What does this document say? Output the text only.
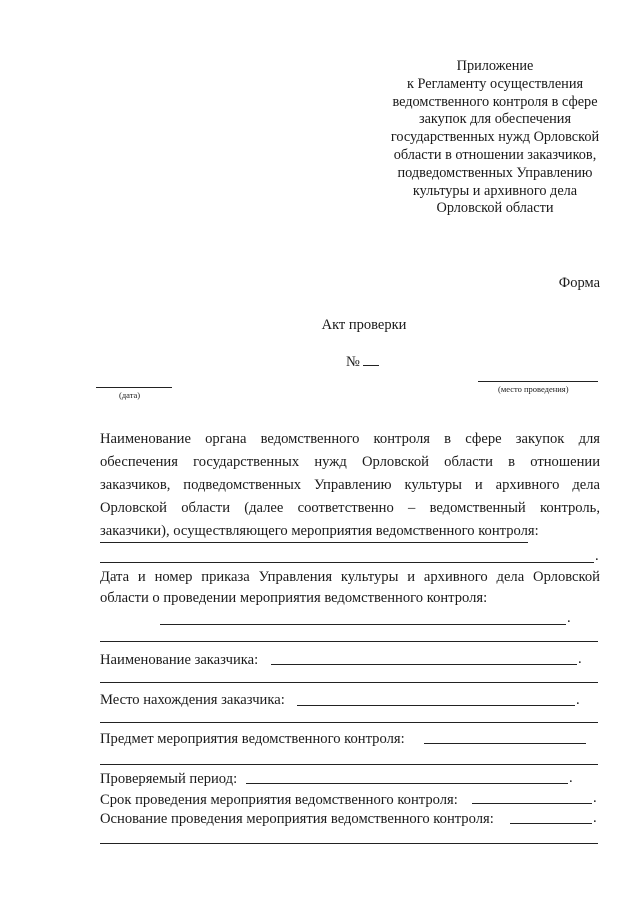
Приложение
к Регламенту осуществления
ведомственного контроля в сфере
закупок для обеспечения
государственных нужд Орловской
области в отношении заказчиков,
подведомственных Управлению
культуры и архивного дела
Орловской области
Форма
Акт проверки
№
(дата)
(место проведения)
Наименование органа ведомственного контроля в сфере закупок для обеспечения государственных нужд Орловской области в отношении заказчиков, подведомственных Управлению культуры и архивного дела Орловской области (далее соответственно – ведомственный контроль, заказчики), осуществляющего мероприятия ведомственного контроля:
.
Дата и номер приказа Управления культуры и архивного дела Орловской области о проведении мероприятия ведомственного контроля:
.
Наименование заказчика:	.
Место нахождения заказчика:	.
Предмет мероприятия ведомственного контроля:
Проверяемый период:	.
Срок проведения мероприятия ведомственного контроля:	.
Основание проведения мероприятия ведомственного контроля:	.
